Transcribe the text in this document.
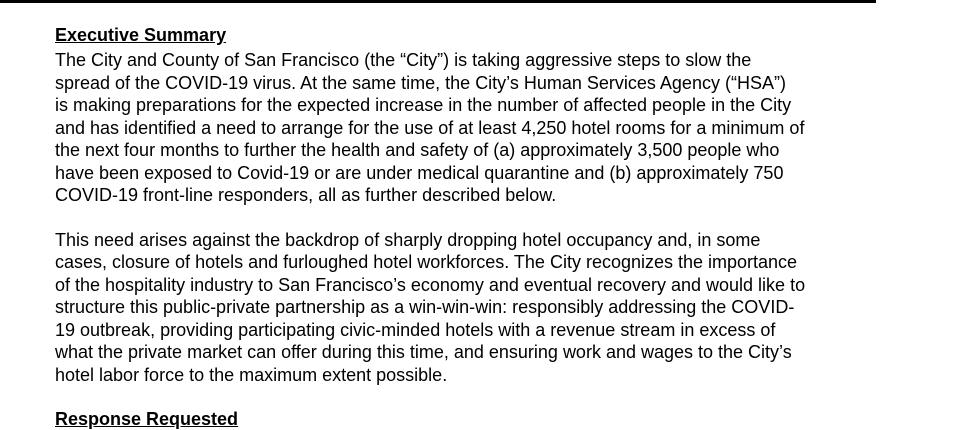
Executive Summary
The City and County of San Francisco (the “City”) is taking aggressive steps to slow the
spread of the COVID-19 virus. At the same time, the City’s Human Services Agency (“HSA”)
is making preparations for the expected increase in the number of affected people in the City
and has identified a need to arrange for the use of at least 4,250 hotel rooms for a minimum of
the next four months to further the health and safety of (a) approximately 3,500 people who
have been exposed to Covid-19 or are under medical quarantine and (b) approximately 750
COVID-19 front-line responders, all as further described below.
This need arises against the backdrop of sharply dropping hotel occupancy and, in some
cases, closure of hotels and furloughed hotel workforces. The City recognizes the importance
of the hospitality industry to San Francisco’s economy and eventual recovery and would like to
structure this public-private partnership as a win-win-win: responsibly addressing the COVID-
19 outbreak, providing participating civic-minded hotels with a revenue stream in excess of
what the private market can offer during this time, and ensuring work and wages to the City’s
hotel labor force to the maximum extent possible.
Response Requested
